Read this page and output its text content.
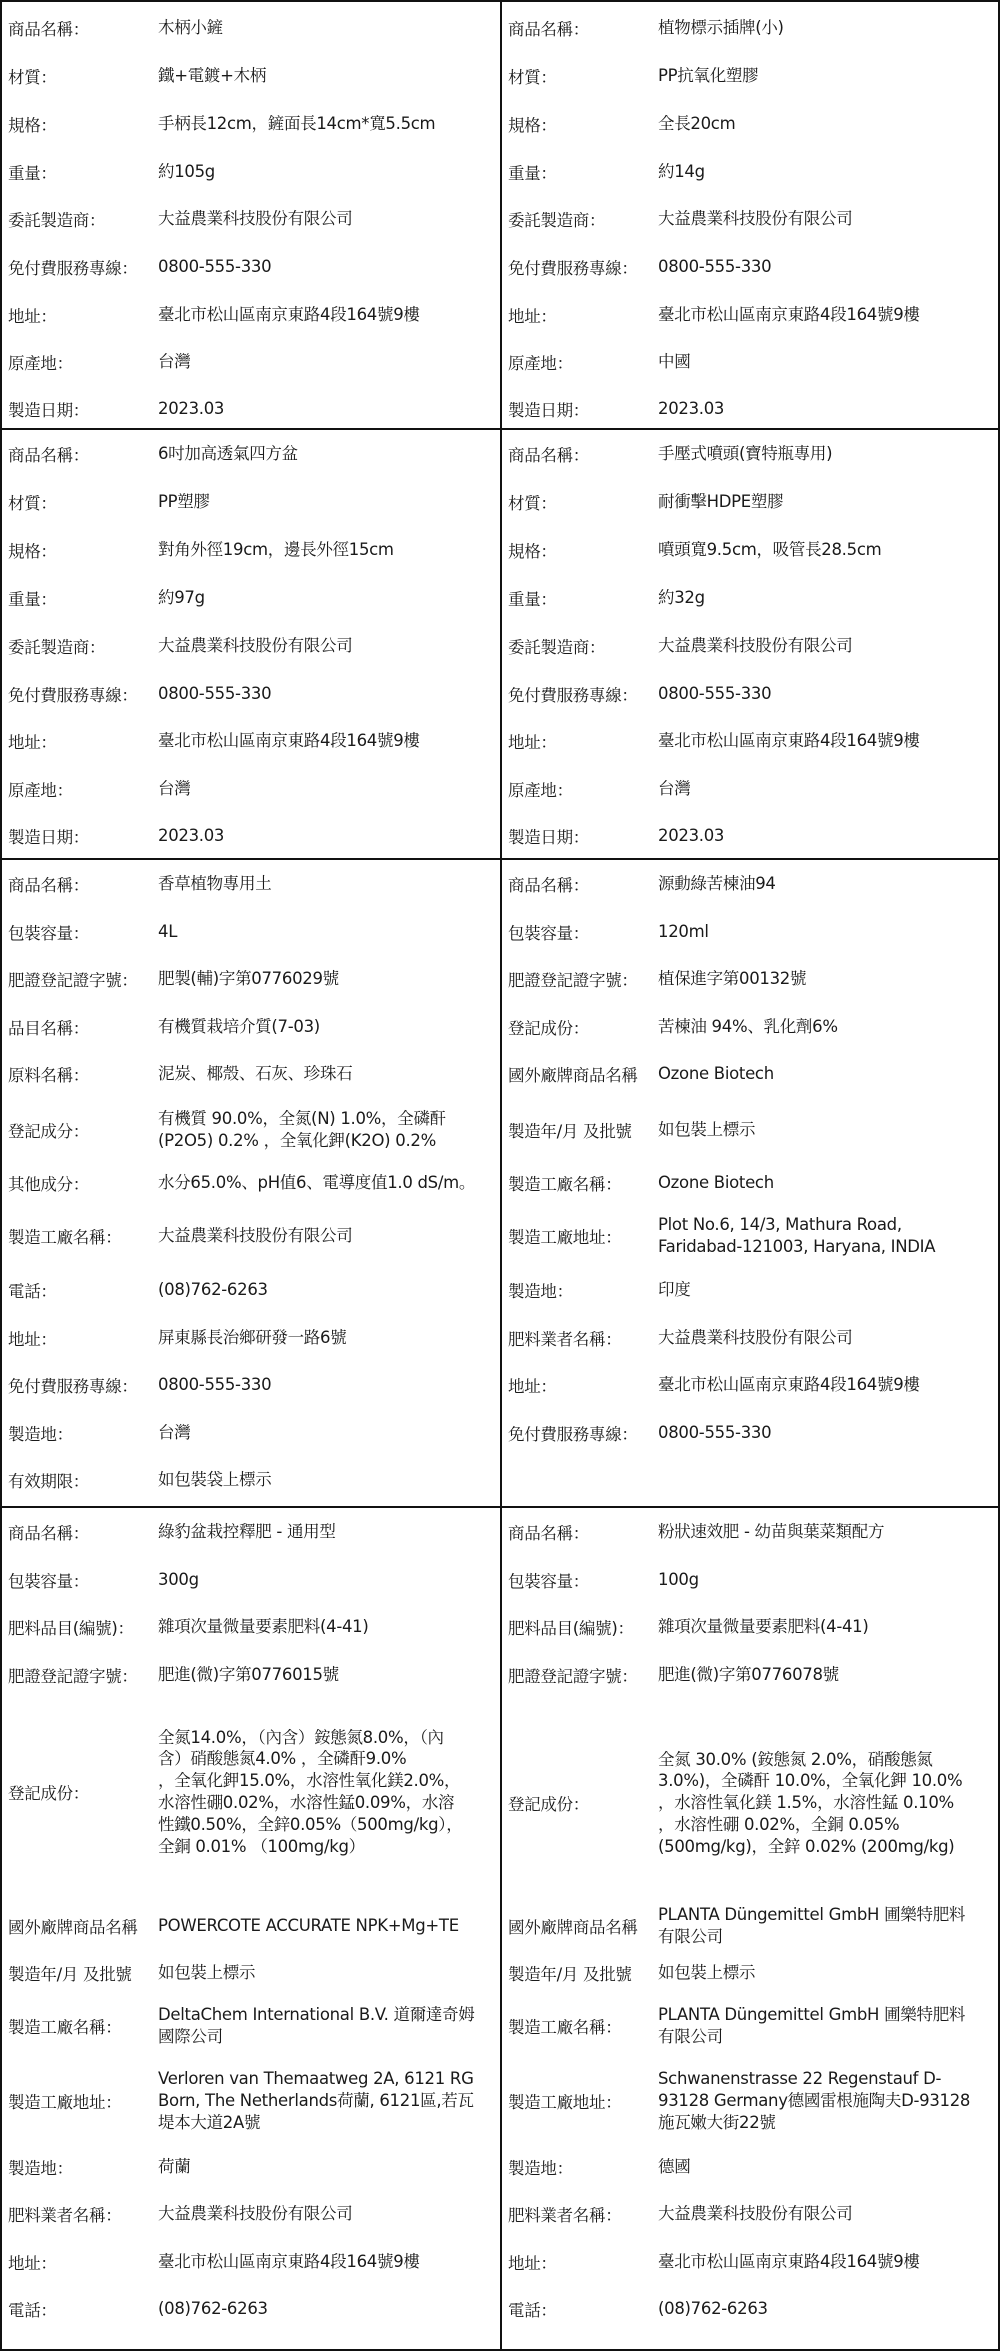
商品名稱：	木柄小鏟
材質：	鐵+電鍍+木柄
規格：	手柄長12cm，鏟面長14cm*寬5.5cm
重量：	約105g
委託製造商：	大益農業科技股份有限公司
免付費服務專線：	0800-555-330
地址：	臺北市松山區南京東路4段164號9樓
原產地：	台灣
製造日期：	2023.03
商品名稱：	植物標示插牌(小)
材質：	PP抗氧化塑膠
規格：	全長20cm
重量：	約14g
委託製造商：	大益農業科技股份有限公司
免付費服務專線：	0800-555-330
地址：	臺北市松山區南京東路4段164號9樓
原產地：	中國
製造日期：	2023.03
商品名稱：	6吋加高透氣四方盆
材質：	PP塑膠
規格：	對角外徑19cm，邊長外徑15cm
重量：	約97g
委託製造商：	大益農業科技股份有限公司
免付費服務專線：	0800-555-330
地址：	臺北市松山區南京東路4段164號9樓
原產地：	台灣
製造日期：	2023.03
商品名稱：	手壓式噴頭(寶特瓶專用)
材質：	耐衝擊HDPE塑膠
規格：	噴頭寬9.5cm，吸管長28.5cm
重量：	約32g
委託製造商：	大益農業科技股份有限公司
免付費服務專線：	0800-555-330
地址：	臺北市松山區南京東路4段164號9樓
原產地：	台灣
製造日期：	2023.03
商品名稱：	香草植物專用土
包裝容量：	4L
肥證登記證字號：	肥製(輔)字第0776029號
品目名稱：	有機質栽培介質(7-03)
原料名稱：	泥炭、椰殼、石灰、珍珠石
登記成分：
有機質 90.0%，全氮(N) 1.0%，全磷酐
(P2O5) 0.2% ，全氧化鉀(K2O) 0.2%
其他成分：	水分65.0%、pH值6、電導度值1.0 dS/m。
製造工廠名稱：	大益農業科技股份有限公司
電話：	(08)762-6263
地址：	屏東縣長治鄉研發一路6號
免付費服務專線：	0800-555-330
製造地：	台灣
有效期限：	如包裝袋上標示
商品名稱：	源動綠苦楝油94
包裝容量：	120ml
肥證登記證字號：	植保進字第00132號
登記成份：	苦楝油 94%、乳化劑6%
國外廠牌商品名稱	Ozone Biotech
製造年/月 及批號	如包裝上標示
製造工廠名稱：	Ozone Biotech
製造工廠地址：
Plot No.6, 14/3, Mathura Road,
Faridabad-121003, Haryana, INDIA
製造地：	印度
肥料業者名稱：	大益農業科技股份有限公司
地址：	臺北市松山區南京東路4段164號9樓
免付費服務專線：	0800-555-330
商品名稱：	綠豹盆栽控釋肥 - 通用型
包裝容量：	300g
肥料品目(編號)：	雜項次量微量要素肥料(4-41)
肥證登記證字號：	肥進(微)字第0776015號
登記成份：
全氮14.0%，（內含）銨態氮8.0%，（內
含）硝酸態氮4.0% ，全磷酐9.0%
，全氧化鉀15.0%，水溶性氧化鎂2.0%，
水溶性硼0.02%，水溶性錳0.09%，水溶
性鐵0.50%，全鋅0.05%（500mg/kg），
全銅 0.01% （100mg/kg）
國外廠牌商品名稱	POWERCOTE ACCURATE NPK+Mg+TE
製造年/月 及批號	如包裝上標示
製造工廠名稱：
DeltaChem International B.V. 道爾達奇姆
國際公司
製造工廠地址：
Verloren van Themaatweg 2A, 6121 RG
Born, The Netherlands荷蘭, 6121區,若瓦
堤本大道2A號
製造地：	荷蘭
肥料業者名稱：	大益農業科技股份有限公司
地址：	臺北市松山區南京東路4段164號9樓
電話：	(08)762-6263
商品名稱：	粉狀速效肥 - 幼苗與葉菜類配方
包裝容量：	100g
肥料品目(編號)：	雜項次量微量要素肥料(4-41)
肥證登記證字號：	肥進(微)字第0776078號
登記成份：
全氮 30.0% (銨態氮 2.0%，硝酸態氮
3.0%)，全磷酐 10.0%，全氧化鉀 10.0%
，水溶性氧化鎂 1.5%，水溶性錳 0.10%
，水溶性硼 0.02%，全銅 0.05%
(500mg/kg)，全鋅 0.02% (200mg/kg)
國外廠牌商品名稱
PLANTA Düngemittel GmbH 圃樂特肥料
有限公司
製造年/月 及批號	如包裝上標示
製造工廠名稱：
PLANTA Düngemittel GmbH 圃樂特肥料
有限公司
製造工廠地址：
Schwanenstrasse 22 Regenstauf D-
93128 Germany德國雷根施陶夫D-93128
施瓦嫩大街22號
製造地：	德國
肥料業者名稱：	大益農業科技股份有限公司
地址：	臺北市松山區南京東路4段164號9樓
電話：	(08)762-6263
